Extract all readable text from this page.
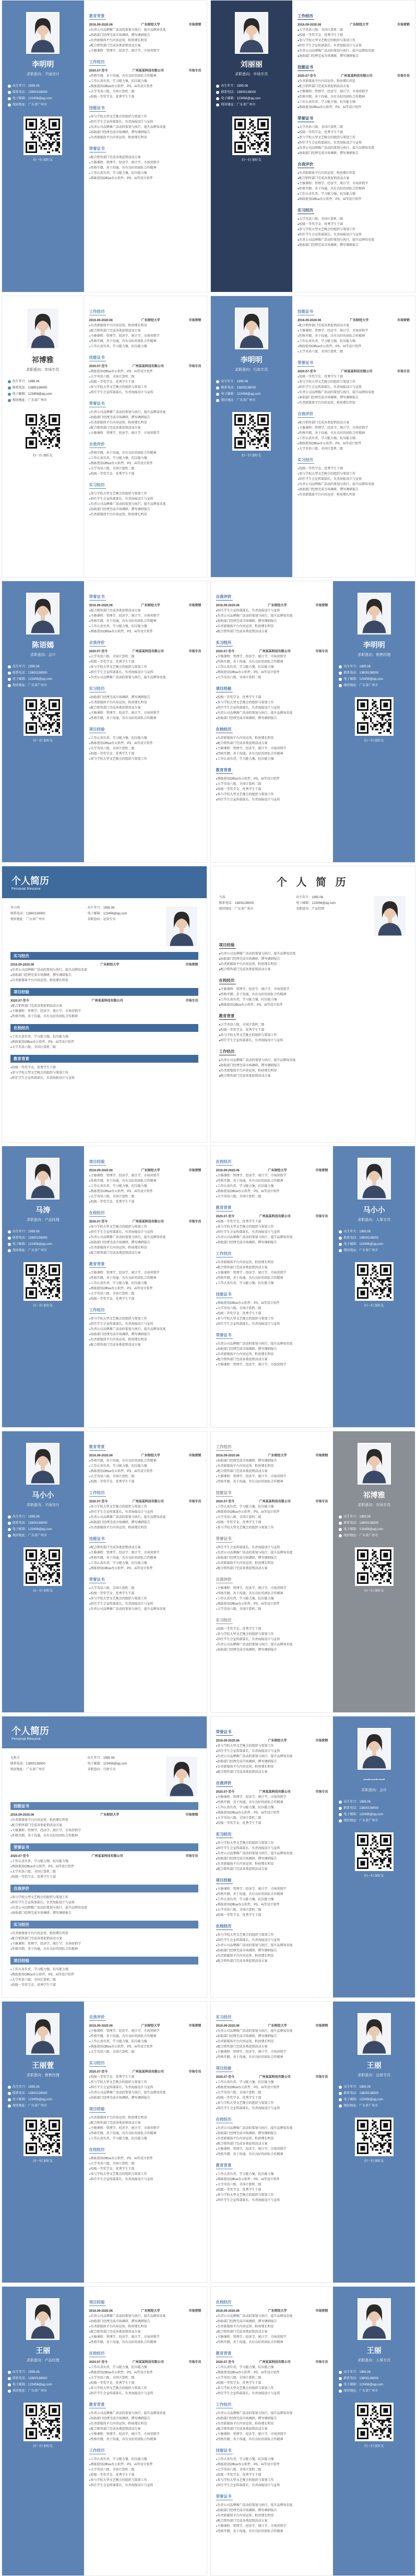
李明明
求职意向：平面设计
出生年月：1995.06
联系电话：13800138000
电子邮箱：123456@qq.com
现居地址：广东省广州市
扫一扫 加好友
教育背景
2016.09-2020.06	广东财经大学	市场营销
● 负责公司品牌推广活动的策划与执行，提升品牌知名度
● 协助部门经理完成市场调研，撰写调研报告
● 负责新媒体平台内容运营，粉丝增长明显
● 配合销售部门完成各类促销活动方案
● 主修课程：管理学、经济学、统计学、市场营销学
工作经历
2020.07-至今	广州某某科技有限公司	市场专员
● 性格开朗，善于沟通，具有良好的团队合作精神
● 工作认真负责，学习能力强，抗压能力强
● 熟练使用Office办公软件，PS、AI等设计软件
● 大学英语六级、全国计算机二级
● 校级一等奖学金、优秀学生干部
技能证书
● 参与学校大型文艺晚会的组织与策划工作
● 担任学生会宣传部部长，负责海报设计与宣传
● 负责公司品牌推广活动的策划与执行，提升品牌知名度
● 协助部门经理完成市场调研，撰写调研报告
● 负责新媒体平台内容运营，粉丝增长明显
荣誉证书
● 配合销售部门完成各类促销活动方案
● 主修课程：管理学、经济学、统计学、市场营销学
● 性格开朗，善于沟通，具有良好的团队合作精神
● 工作认真负责，学习能力强，抗压能力强
● 熟练使用Office办公软件，PS、AI等设计软件
刘丽丽
求职意向：市场专员
出生年月：1995.06
联系电话：13800138000
电子邮箱：123456@qq.com
现居地址：广东省广州市
扫一扫 加好友
工作经历
2016.09-2020.06	广东财经大学	市场营销
● 大学英语六级、全国计算机二级
● 校级一等奖学金、优秀学生干部
● 参与学校大型文艺晚会的组织与策划工作
● 担任学生会宣传部部长，负责海报设计与宣传
● 负责公司品牌推广活动的策划与执行，提升品牌知名度
● 协助部门经理完成市场调研，撰写调研报告
技能证书
2020.07-至今	广州某某科技有限公司	市场专员
● 负责新媒体平台内容运营，粉丝增长明显
● 配合销售部门完成各类促销活动方案
● 主修课程：管理学、经济学、统计学、市场营销学
● 性格开朗，善于沟通，具有良好的团队合作精神
● 工作认真负责，学习能力强，抗压能力强
● 熟练使用Office办公软件，PS、AI等设计软件
荣誉证书
● 大学英语六级、全国计算机二级
● 校级一等奖学金、优秀学生干部
● 参与学校大型文艺晚会的组织与策划工作
● 担任学生会宣传部部长，负责海报设计与宣传
● 负责公司品牌推广活动的策划与执行，提升品牌知名度
● 协助部门经理完成市场调研，撰写调研报告
自我评价
● 负责新媒体平台内容运营，粉丝增长明显
● 配合销售部门完成各类促销活动方案
● 主修课程：管理学、经济学、统计学、市场营销学
● 性格开朗，善于沟通，具有良好的团队合作精神
● 工作认真负责，学习能力强，抗压能力强
● 熟练使用Office办公软件，PS、AI等设计软件
实习经历
● 大学英语六级、全国计算机二级
● 校级一等奖学金、优秀学生干部
● 参与学校大型文艺晚会的组织与策划工作
● 担任学生会宣传部部长，负责海报设计与宣传
● 负责公司品牌推广活动的策划与执行，提升品牌知名度
● 协助部门经理完成市场调研，撰写调研报告
祁博雅
求职意向：市场专员
出生年月：1995.06
联系电话：13800138000
电子邮箱：123456@qq.com
现居地址：广东省广州市
扫一扫 加好友
工作经历
2016.09-2020.06	广东财经大学	市场营销
● 负责新媒体平台内容运营，粉丝增长明显
● 配合销售部门完成各类促销活动方案
● 主修课程：管理学、经济学、统计学、市场营销学
● 性格开朗，善于沟通，具有良好的团队合作精神
● 工作认真负责，学习能力强，抗压能力强
技能证书
2020.07-至今	广州某某科技有限公司	市场专员
● 熟练使用Office办公软件，PS、AI等设计软件
● 大学英语六级、全国计算机二级
● 校级一等奖学金、优秀学生干部
● 参与学校大型文艺晚会的组织与策划工作
● 担任学生会宣传部部长，负责海报设计与宣传
荣誉证书
● 负责公司品牌推广活动的策划与执行，提升品牌知名度
● 协助部门经理完成市场调研，撰写调研报告
● 负责新媒体平台内容运营，粉丝增长明显
● 配合销售部门完成各类促销活动方案
● 主修课程：管理学、经济学、统计学、市场营销学
自我评价
● 性格开朗，善于沟通，具有良好的团队合作精神
● 工作认真负责，学习能力强，抗压能力强
● 熟练使用Office办公软件，PS、AI等设计软件
● 大学英语六级、全国计算机二级
● 校级一等奖学金、优秀学生干部
实习经历
● 参与学校大型文艺晚会的组织与策划工作
● 担任学生会宣传部部长，负责海报设计与宣传
● 负责公司品牌推广活动的策划与执行，提升品牌知名度
● 协助部门经理完成市场调研，撰写调研报告
● 负责新媒体平台内容运营，粉丝增长明显
李明明
求职意向：行政专员
出生年月：1995.06
联系电话：13800138000
电子邮箱：123456@qq.com
现居地址：广东省广州市
扫一扫 加好友
技能证书
2016.09-2020.06	广东财经大学	市场营销
● 配合销售部门完成各类促销活动方案
● 主修课程：管理学、经济学、统计学、市场营销学
● 性格开朗，善于沟通，具有良好的团队合作精神
● 工作认真负责，学习能力强，抗压能力强
● 熟练使用Office办公软件，PS、AI等设计软件
● 大学英语六级、全国计算机二级
荣誉证书
2020.07-至今	广州某某科技有限公司	市场专员
● 校级一等奖学金、优秀学生干部
● 参与学校大型文艺晚会的组织与策划工作
● 担任学生会宣传部部长，负责海报设计与宣传
● 负责公司品牌推广活动的策划与执行，提升品牌知名度
● 协助部门经理完成市场调研，撰写调研报告
● 负责新媒体平台内容运营，粉丝增长明显
自我评价
● 配合销售部门完成各类促销活动方案
● 主修课程：管理学、经济学、统计学、市场营销学
● 性格开朗，善于沟通，具有良好的团队合作精神
● 工作认真负责，学习能力强，抗压能力强
● 熟练使用Office办公软件，PS、AI等设计软件
● 大学英语六级、全国计算机二级
实习经历
● 校级一等奖学金、优秀学生干部
● 参与学校大型文艺晚会的组织与策划工作
● 担任学生会宣传部部长，负责海报设计与宣传
● 负责公司品牌推广活动的策划与执行，提升品牌知名度
● 协助部门经理完成市场调研，撰写调研报告
● 负责新媒体平台内容运营，粉丝增长明显
陈语嫣
求职意向：会计
出生年月：1995.06
联系电话：13800138000
电子邮箱：123456@qq.com
现居地址：广东省广州市
扫一扫 加好友
荣誉证书
2016.09-2020.06	广东财经大学	市场营销
● 配合销售部门完成各类促销活动方案
● 主修课程：管理学、经济学、统计学、市场营销学
● 性格开朗，善于沟通，具有良好的团队合作精神
● 工作认真负责，学习能力强，抗压能力强
● 熟练使用Office办公软件，PS、AI等设计软件
自我评价
2020.07-至今	广州某某科技有限公司	市场专员
● 大学英语六级、全国计算机二级
● 校级一等奖学金、优秀学生干部
● 参与学校大型文艺晚会的组织与策划工作
● 担任学生会宣传部部长，负责海报设计与宣传
● 负责公司品牌推广活动的策划与执行，提升品牌知名度
实习经历
● 协助部门经理完成市场调研，撰写调研报告
● 负责新媒体平台内容运营，粉丝增长明显
● 配合销售部门完成各类促销活动方案
● 主修课程：管理学、经济学、统计学、市场营销学
● 性格开朗，善于沟通，具有良好的团队合作精神
项目经验
● 工作认真负责，学习能力强，抗压能力强
● 熟练使用Office办公软件，PS、AI等设计软件
● 大学英语六级、全国计算机二级
● 校级一等奖学金、优秀学生干部
● 参与学校大型文艺晚会的组织与策划工作
李明明
求职意向：销售经理
出生年月：1995.06
联系电话：13800138000
电子邮箱：123456@qq.com
现居地址：广东省广州市
扫一扫 加好友
自我评价
2016.09-2020.06	广东财经大学	市场营销
● 担任学生会宣传部部长，负责海报设计与宣传
● 负责公司品牌推广活动的策划与执行，提升品牌知名度
● 协助部门经理完成市场调研，撰写调研报告
● 负责新媒体平台内容运营，粉丝增长明显
● 配合销售部门完成各类促销活动方案
实习经历
2020.07-至今	广州某某科技有限公司	市场专员
● 主修课程：管理学、经济学、统计学、市场营销学
● 性格开朗，善于沟通，具有良好的团队合作精神
● 工作认真负责，学习能力强，抗压能力强
● 熟练使用Office办公软件，PS、AI等设计软件
● 大学英语六级、全国计算机二级
项目经验
● 校级一等奖学金、优秀学生干部
● 参与学校大型文艺晚会的组织与策划工作
● 担任学生会宣传部部长，负责海报设计与宣传
● 负责公司品牌推广活动的策划与执行，提升品牌知名度
● 协助部门经理完成市场调研，撰写调研报告
在校经历
● 负责新媒体平台内容运营，粉丝增长明显
● 配合销售部门完成各类促销活动方案
● 主修课程：管理学、经济学、统计学、市场营销学
● 性格开朗，善于沟通，具有良好的团队合作精神
● 工作认真负责，学习能力强，抗压能力强
教育背景
● 熟练使用Office办公软件，PS、AI等设计软件
● 大学英语六级、全国计算机二级
● 校级一等奖学金、优秀学生干部
● 参与学校大型文艺晚会的组织与策划工作
● 担任学生会宣传部部长，负责海报设计与宣传
个人简历
Personal Resume
李小明	出生年月：1995.06
联系电话：13800138000	电子邮箱：123456@qq.com
现居地址：广东省广州市	求职意向：运营专员
实习经历
2016.09-2020.06	广东财经大学	市场营销
● 负责公司品牌推广活动的策划与执行，提升品牌知名度
● 协助部门经理完成市场调研，撰写调研报告
● 负责新媒体平台内容运营，粉丝增长明显
项目经验
2020.07-至今	广州某某科技有限公司	市场专员
● 配合销售部门完成各类促销活动方案
● 主修课程：管理学、经济学、统计学、市场营销学
● 性格开朗，善于沟通，具有良好的团队合作精神
在校经历
● 工作认真负责，学习能力强，抗压能力强
● 熟练使用Office办公软件，PS、AI等设计软件
● 大学英语六级、全国计算机二级
教育背景
● 校级一等奖学金、优秀学生干部
● 参与学校大型文艺晚会的组织与策划工作
● 担任学生会宣传部部长，负责海报设计与宣传
个 人 简 历
马涛	出生年月：1995.06
联系电话：13800138000	电子邮箱：123456@qq.com
现居地址：广东省广州市	求职意向：产品经理
项目经验
● 负责公司品牌推广活动的策划与执行，提升品牌知名度
● 协助部门经理完成市场调研，撰写调研报告
● 负责新媒体平台内容运营，粉丝增长明显
● 配合销售部门完成各类促销活动方案
在校经历
● 主修课程：管理学、经济学、统计学、市场营销学
● 性格开朗，善于沟通，具有良好的团队合作精神
● 工作认真负责，学习能力强，抗压能力强
● 熟练使用Office办公软件，PS、AI等设计软件
教育背景
● 大学英语六级、全国计算机二级
● 校级一等奖学金、优秀学生干部
● 参与学校大型文艺晚会的组织与策划工作
● 担任学生会宣传部部长，负责海报设计与宣传
工作经历
● 负责公司品牌推广活动的策划与执行，提升品牌知名度
● 协助部门经理完成市场调研，撰写调研报告
● 负责新媒体平台内容运营，粉丝增长明显
● 配合销售部门完成各类促销活动方案
马涛
求职意向：产品经理
出生年月：1995.06
联系电话：13800138000
电子邮箱：123456@qq.com
现居地址：广东省广州市
扫一扫 加好友
项目经验
2016.09-2020.06	广东财经大学	市场营销
● 主修课程：管理学、经济学、统计学、市场营销学
● 性格开朗，善于沟通，具有良好的团队合作精神
● 工作认真负责，学习能力强，抗压能力强
● 熟练使用Office办公软件，PS、AI等设计软件
● 大学英语六级、全国计算机二级
● 校级一等奖学金、优秀学生干部
在校经历
2020.07-至今	广州某某科技有限公司	市场专员
● 参与学校大型文艺晚会的组织与策划工作
● 担任学生会宣传部部长，负责海报设计与宣传
● 负责公司品牌推广活动的策划与执行，提升品牌知名度
● 协助部门经理完成市场调研，撰写调研报告
● 负责新媒体平台内容运营，粉丝增长明显
● 配合销售部门完成各类促销活动方案
教育背景
● 主修课程：管理学、经济学、统计学、市场营销学
● 性格开朗，善于沟通，具有良好的团队合作精神
● 工作认真负责，学习能力强，抗压能力强
● 熟练使用Office办公软件，PS、AI等设计软件
● 大学英语六级、全国计算机二级
● 校级一等奖学金、优秀学生干部
工作经历
● 参与学校大型文艺晚会的组织与策划工作
● 担任学生会宣传部部长，负责海报设计与宣传
● 负责公司品牌推广活动的策划与执行，提升品牌知名度
● 协助部门经理完成市场调研，撰写调研报告
● 负责新媒体平台内容运营，粉丝增长明显
● 配合销售部门完成各类促销活动方案
马小小
求职意向：人事专员
出生年月：1995.06
联系电话：13800138000
电子邮箱：123456@qq.com
现居地址：广东省广州市
扫一扫 加好友
在校经历
2016.09-2020.06	广东财经大学	市场营销
● 主修课程：管理学、经济学、统计学、市场营销学
● 性格开朗，善于沟通，具有良好的团队合作精神
● 工作认真负责，学习能力强，抗压能力强
● 熟练使用Office办公软件，PS、AI等设计软件
● 大学英语六级、全国计算机二级
教育背景
2020.07-至今	广州某某科技有限公司	市场专员
● 校级一等奖学金、优秀学生干部
● 参与学校大型文艺晚会的组织与策划工作
● 担任学生会宣传部部长，负责海报设计与宣传
● 负责公司品牌推广活动的策划与执行，提升品牌知名度
● 协助部门经理完成市场调研，撰写调研报告
工作经历
● 负责新媒体平台内容运营，粉丝增长明显
● 配合销售部门完成各类促销活动方案
● 主修课程：管理学、经济学、统计学、市场营销学
● 性格开朗，善于沟通，具有良好的团队合作精神
● 工作认真负责，学习能力强，抗压能力强
技能证书
● 熟练使用Office办公软件，PS、AI等设计软件
● 大学英语六级、全国计算机二级
● 校级一等奖学金、优秀学生干部
● 参与学校大型文艺晚会的组织与策划工作
● 担任学生会宣传部部长，负责海报设计与宣传
荣誉证书
● 负责公司品牌推广活动的策划与执行，提升品牌知名度
● 协助部门经理完成市场调研，撰写调研报告
● 负责新媒体平台内容运营，粉丝增长明显
● 配合销售部门完成各类促销活动方案
● 主修课程：管理学、经济学、统计学、市场营销学
马小小
求职意向：平面设计
出生年月：1995.06
联系电话：13800138000
电子邮箱：123456@qq.com
现居地址：广东省广州市
扫一扫 加好友
教育背景
2016.09-2020.06	广东财经大学	市场营销
● 性格开朗，善于沟通，具有良好的团队合作精神
● 工作认真负责，学习能力强，抗压能力强
● 熟练使用Office办公软件，PS、AI等设计软件
● 大学英语六级、全国计算机二级
● 校级一等奖学金、优秀学生干部
工作经历
2020.07-至今	广州某某科技有限公司	市场专员
● 参与学校大型文艺晚会的组织与策划工作
● 担任学生会宣传部部长，负责海报设计与宣传
● 负责公司品牌推广活动的策划与执行，提升品牌知名度
● 协助部门经理完成市场调研，撰写调研报告
● 负责新媒体平台内容运营，粉丝增长明显
技能证书
● 配合销售部门完成各类促销活动方案
● 主修课程：管理学、经济学、统计学、市场营销学
● 性格开朗，善于沟通，具有良好的团队合作精神
● 工作认真负责，学习能力强，抗压能力强
● 熟练使用Office办公软件，PS、AI等设计软件
荣誉证书
● 大学英语六级、全国计算机二级
● 校级一等奖学金、优秀学生干部
● 参与学校大型文艺晚会的组织与策划工作
● 担任学生会宣传部部长，负责海报设计与宣传
● 负责公司品牌推广活动的策划与执行，提升品牌知名度
祁博雅
求职意向：市场专员
出生年月：1995.06
联系电话：13800138000
电子邮箱：123456@qq.com
现居地址：广东省广州市
扫一扫 加好友
工作经历
2016.09-2020.06	广东财经大学	市场营销
● 协助部门经理完成市场调研，撰写调研报告
● 负责新媒体平台内容运营，粉丝增长明显
● 配合销售部门完成各类促销活动方案
● 主修课程：管理学、经济学、统计学、市场营销学
● 性格开朗，善于沟通，具有良好的团队合作精神
技能证书
2020.07-至今	广州某某科技有限公司	市场专员
● 工作认真负责，学习能力强，抗压能力强
● 熟练使用Office办公软件，PS、AI等设计软件
● 大学英语六级、全国计算机二级
● 校级一等奖学金、优秀学生干部
● 参与学校大型文艺晚会的组织与策划工作
荣誉证书
● 担任学生会宣传部部长，负责海报设计与宣传
● 负责公司品牌推广活动的策划与执行，提升品牌知名度
● 协助部门经理完成市场调研，撰写调研报告
● 负责新媒体平台内容运营，粉丝增长明显
● 配合销售部门完成各类促销活动方案
自我评价
● 主修课程：管理学、经济学、统计学、市场营销学
● 性格开朗，善于沟通，具有良好的团队合作精神
● 工作认真负责，学习能力强，抗压能力强
● 熟练使用Office办公软件，PS、AI等设计软件
● 大学英语六级、全国计算机二级
实习经历
● 校级一等奖学金、优秀学生干部
● 参与学校大型文艺晚会的组织与策划工作
● 担任学生会宣传部部长，负责海报设计与宣传
● 负责公司品牌推广活动的策划与执行，提升品牌知名度
● 协助部门经理完成市场调研，撰写调研报告
个人简历
Personal Resume
毛秋玉	出生年月：1995.06
联系电话：13800138000	电子邮箱：123456@qq.com
现居地址：广东省广州市	求职意向：行政专员
技能证书
2016.09-2020.06	广东财经大学	市场营销
● 负责新媒体平台内容运营，粉丝增长明显
● 配合销售部门完成各类促销活动方案
● 主修课程：管理学、经济学、统计学、市场营销学
● 性格开朗，善于沟通，具有良好的团队合作精神
荣誉证书
2020.07-至今	广州某某科技有限公司	市场专员
● 工作认真负责，学习能力强，抗压能力强
● 熟练使用Office办公软件，PS、AI等设计软件
● 大学英语六级、全国计算机二级
● 校级一等奖学金、优秀学生干部
自我评价
● 参与学校大型文艺晚会的组织与策划工作
● 担任学生会宣传部部长，负责海报设计与宣传
● 负责公司品牌推广活动的策划与执行，提升品牌知名度
● 协助部门经理完成市场调研，撰写调研报告
实习经历
● 负责新媒体平台内容运营，粉丝增长明显
● 配合销售部门完成各类促销活动方案
● 主修课程：管理学、经济学、统计学、市场营销学
● 性格开朗，善于沟通，具有良好的团队合作精神
项目经验
● 工作认真负责，学习能力强，抗压能力强
● 熟练使用Office办公软件，PS、AI等设计软件
● 大学英语六级、全国计算机二级
● 校级一等奖学金、优秀学生干部
一一一
求职意向：会计
出生年月：1995.06
联系电话：13800138000
电子邮箱：123456@qq.com
现居地址：广东省广州市
扫一扫 加好友
荣誉证书
2016.09-2020.06	广东财经大学	市场营销
● 参与学校大型文艺晚会的组织与策划工作
● 担任学生会宣传部部长，负责海报设计与宣传
● 负责公司品牌推广活动的策划与执行，提升品牌知名度
● 协助部门经理完成市场调研，撰写调研报告
● 负责新媒体平台内容运营，粉丝增长明显
● 配合销售部门完成各类促销活动方案
自我评价
2020.07-至今	广州某某科技有限公司	市场专员
● 主修课程：管理学、经济学、统计学、市场营销学
● 性格开朗，善于沟通，具有良好的团队合作精神
● 工作认真负责，学习能力强，抗压能力强
● 熟练使用Office办公软件，PS、AI等设计软件
● 大学英语六级、全国计算机二级
● 校级一等奖学金、优秀学生干部
实习经历
● 参与学校大型文艺晚会的组织与策划工作
● 担任学生会宣传部部长，负责海报设计与宣传
● 负责公司品牌推广活动的策划与执行，提升品牌知名度
● 协助部门经理完成市场调研，撰写调研报告
● 负责新媒体平台内容运营，粉丝增长明显
● 配合销售部门完成各类促销活动方案
项目经验
● 主修课程：管理学、经济学、统计学、市场营销学
● 性格开朗，善于沟通，具有良好的团队合作精神
● 工作认真负责，学习能力强，抗压能力强
● 熟练使用Office办公软件，PS、AI等设计软件
● 大学英语六级、全国计算机二级
● 校级一等奖学金、优秀学生干部
在校经历
● 参与学校大型文艺晚会的组织与策划工作
● 担任学生会宣传部部长，负责海报设计与宣传
● 负责公司品牌推广活动的策划与执行，提升品牌知名度
● 协助部门经理完成市场调研，撰写调研报告
● 负责新媒体平台内容运营，粉丝增长明显
● 配合销售部门完成各类促销活动方案
王丽萱
求职意向：销售经理
出生年月：1995.06
联系电话：13800138000
电子邮箱：123456@qq.com
现居地址：广东省广州市
扫一扫 加好友
自我评价
2016.09-2020.06	广东财经大学	市场营销
● 主修课程：管理学、经济学、统计学、市场营销学
● 性格开朗，善于沟通，具有良好的团队合作精神
● 工作认真负责，学习能力强，抗压能力强
● 熟练使用Office办公软件，PS、AI等设计软件
● 大学英语六级、全国计算机二级
实习经历
2020.07-至今	广州某某科技有限公司	市场专员
● 校级一等奖学金、优秀学生干部
● 参与学校大型文艺晚会的组织与策划工作
● 担任学生会宣传部部长，负责海报设计与宣传
● 负责公司品牌推广活动的策划与执行，提升品牌知名度
● 协助部门经理完成市场调研，撰写调研报告
项目经验
● 负责新媒体平台内容运营，粉丝增长明显
● 配合销售部门完成各类促销活动方案
● 主修课程：管理学、经济学、统计学、市场营销学
● 性格开朗，善于沟通，具有良好的团队合作精神
● 工作认真负责，学习能力强，抗压能力强
在校经历
● 熟练使用Office办公软件，PS、AI等设计软件
● 大学英语六级、全国计算机二级
● 校级一等奖学金、优秀学生干部
● 参与学校大型文艺晚会的组织与策划工作
● 担任学生会宣传部部长，负责海报设计与宣传
王丽
求职意向：运营专员
出生年月：1995.06
联系电话：13800138000
电子邮箱：123456@qq.com
现居地址：广东省广州市
扫一扫 加好友
实习经历
2016.09-2020.06	广东财经大学	市场营销
● 负责公司品牌推广活动的策划与执行，提升品牌知名度
● 协助部门经理完成市场调研，撰写调研报告
● 负责新媒体平台内容运营，粉丝增长明显
● 配合销售部门完成各类促销活动方案
● 主修课程：管理学、经济学、统计学、市场营销学
● 性格开朗，善于沟通，具有良好的团队合作精神
项目经验
2020.07-至今	广州某某科技有限公司	市场专员
● 工作认真负责，学习能力强，抗压能力强
● 熟练使用Office办公软件，PS、AI等设计软件
● 大学英语六级、全国计算机二级
● 校级一等奖学金、优秀学生干部
● 参与学校大型文艺晚会的组织与策划工作
● 担任学生会宣传部部长，负责海报设计与宣传
在校经历
● 负责公司品牌推广活动的策划与执行，提升品牌知名度
● 协助部门经理完成市场调研，撰写调研报告
● 负责新媒体平台内容运营，粉丝增长明显
● 配合销售部门完成各类促销活动方案
● 主修课程：管理学、经济学、统计学、市场营销学
● 性格开朗，善于沟通，具有良好的团队合作精神
教育背景
● 工作认真负责，学习能力强，抗压能力强
● 熟练使用Office办公软件，PS、AI等设计软件
● 大学英语六级、全国计算机二级
● 校级一等奖学金、优秀学生干部
● 参与学校大型文艺晚会的组织与策划工作
● 担任学生会宣传部部长，负责海报设计与宣传
王丽
求职意向：产品经理
出生年月：1995.06
联系电话：13800138000
电子邮箱：123456@qq.com
现居地址：广东省广州市
扫一扫 加好友
项目经验
2016.09-2020.06	广东财经大学	市场营销
● 负责公司品牌推广活动的策划与执行，提升品牌知名度
● 协助部门经理完成市场调研，撰写调研报告
● 负责新媒体平台内容运营，粉丝增长明显
● 配合销售部门完成各类促销活动方案
● 主修课程：管理学、经济学、统计学、市场营销学
● 性格开朗，善于沟通，具有良好的团队合作精神
在校经历
2020.07-至今	广州某某科技有限公司	市场专员
● 工作认真负责，学习能力强，抗压能力强
● 熟练使用Office办公软件，PS、AI等设计软件
● 大学英语六级、全国计算机二级
● 校级一等奖学金、优秀学生干部
● 参与学校大型文艺晚会的组织与策划工作
● 担任学生会宣传部部长，负责海报设计与宣传
教育背景
● 负责公司品牌推广活动的策划与执行，提升品牌知名度
● 协助部门经理完成市场调研，撰写调研报告
● 负责新媒体平台内容运营，粉丝增长明显
● 配合销售部门完成各类促销活动方案
● 主修课程：管理学、经济学、统计学、市场营销学
● 性格开朗，善于沟通，具有良好的团队合作精神
工作经历
● 工作认真负责，学习能力强，抗压能力强
● 熟练使用Office办公软件，PS、AI等设计软件
● 大学英语六级、全国计算机二级
● 校级一等奖学金、优秀学生干部
● 参与学校大型文艺晚会的组织与策划工作
● 担任学生会宣传部部长，负责海报设计与宣传
王丽
求职意向：人事专员
出生年月：1995.06
联系电话：13800138000
电子邮箱：123456@qq.com
现居地址：广东省广州市
扫一扫 加好友
在校经历
2016.09-2020.06	广东财经大学	市场营销
● 负责公司品牌推广活动的策划与执行，提升品牌知名度
● 协助部门经理完成市场调研，撰写调研报告
● 负责新媒体平台内容运营，粉丝增长明显
● 配合销售部门完成各类促销活动方案
● 主修课程：管理学、经济学、统计学、市场营销学
● 性格开朗，善于沟通，具有良好的团队合作精神
教育背景
2020.07-至今	广州某某科技有限公司	市场专员
● 工作认真负责，学习能力强，抗压能力强
● 熟练使用Office办公软件，PS、AI等设计软件
● 大学英语六级、全国计算机二级
● 校级一等奖学金、优秀学生干部
● 参与学校大型文艺晚会的组织与策划工作
● 担任学生会宣传部部长，负责海报设计与宣传
工作经历
● 负责公司品牌推广活动的策划与执行，提升品牌知名度
● 协助部门经理完成市场调研，撰写调研报告
● 负责新媒体平台内容运营，粉丝增长明显
● 配合销售部门完成各类促销活动方案
● 主修课程：管理学、经济学、统计学、市场营销学
● 性格开朗，善于沟通，具有良好的团队合作精神
技能证书
● 工作认真负责，学习能力强，抗压能力强
● 熟练使用Office办公软件，PS、AI等设计软件
● 大学英语六级、全国计算机二级
● 校级一等奖学金、优秀学生干部
● 参与学校大型文艺晚会的组织与策划工作
● 担任学生会宣传部部长，负责海报设计与宣传
荣誉证书
● 负责公司品牌推广活动的策划与执行，提升品牌知名度
● 协助部门经理完成市场调研，撰写调研报告
● 负责新媒体平台内容运营，粉丝增长明显
● 配合销售部门完成各类促销活动方案
● 主修课程：管理学、经济学、统计学、市场营销学
● 性格开朗，善于沟通，具有良好的团队合作精神
